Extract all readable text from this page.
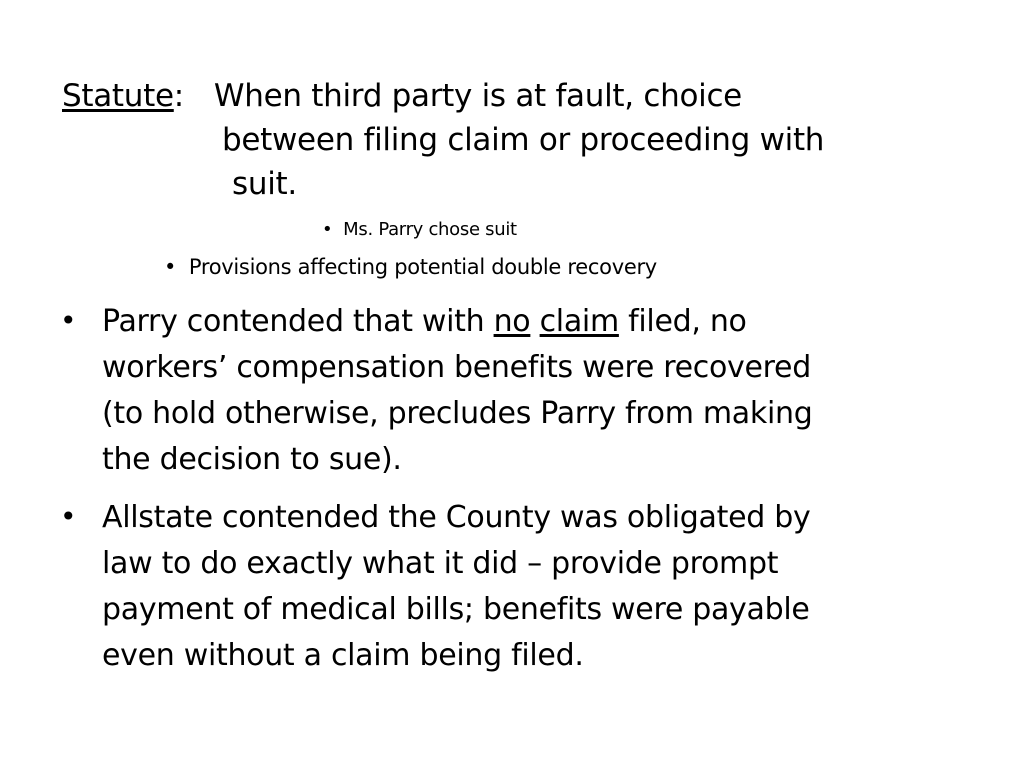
Statute: When third party is at fault, choice
between filing claim or proceeding with
suit.
• Ms. Parry chose suit
• Provisions affecting potential double recovery
• Parry contended that with no claim filed, no
workers’ compensation benefits were recovered
(to hold otherwise, precludes Parry from making
the decision to sue).
• Allstate contended the County was obligated by
law to do exactly what it did – provide prompt
payment of medical bills; benefits were payable
even without a claim being filed.
